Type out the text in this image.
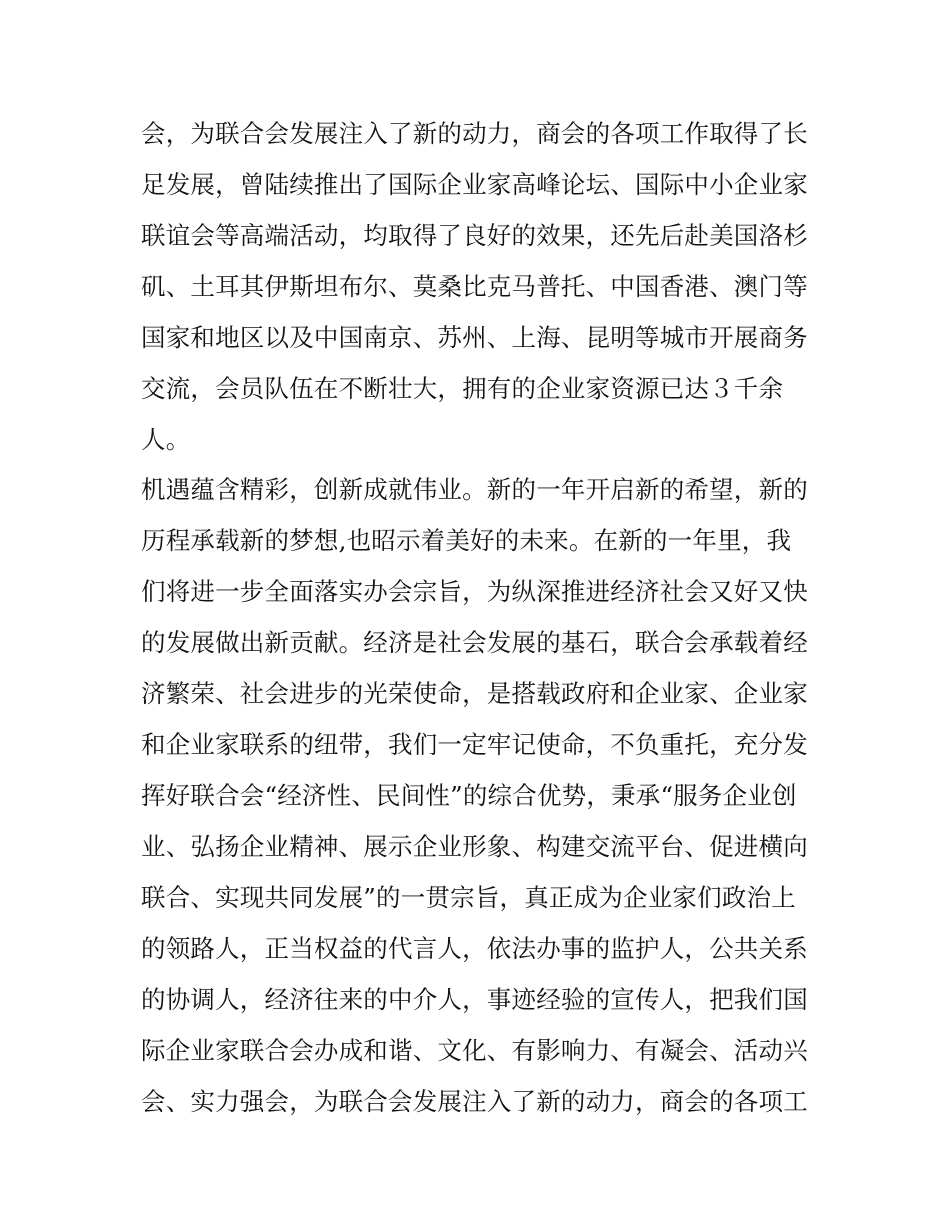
会，为联合会发展注入了新的动力，商会的各项工作取得了长
足发展，曾陆续推出了国际企业家高峰论坛、国际中小企业家
联谊会等高端活动，均取得了良好的效果，还先后赴美国洛杉
矶、土耳其伊斯坦布尔、莫桑比克马普托、中国香港、澳门等
国家和地区以及中国南京、苏州、上海、昆明等城市开展商务
交流，会员队伍在不断壮大，拥有的企业家资源已达３千余
人。
机遇蕴含精彩，创新成就伟业。新的一年开启新的希望，新的
历程承载新的梦想,也昭示着美好的未来。在新的一年里，我
们将进一步全面落实办会宗旨，为纵深推进经济社会又好又快
的发展做出新贡献。经济是社会发展的基石，联合会承载着经
济繁荣、社会进步的光荣使命，是搭载政府和企业家、企业家
和企业家联系的纽带，我们一定牢记使命，不负重托，充分发
挥好联合会“经济性、民间性”的综合优势，秉承“服务企业创
业、弘扬企业精神、展示企业形象、构建交流平台、促进横向
联合、实现共同发展”的一贯宗旨，真正成为企业家们政治上
的领路人，正当权益的代言人，依法办事的监护人，公共关系
的协调人，经济往来的中介人，事迹经验的宣传人，把我们国
际企业家联合会办成和谐、文化、有影响力、有凝会、活动兴
会、实力强会，为联合会发展注入了新的动力，商会的各项工
